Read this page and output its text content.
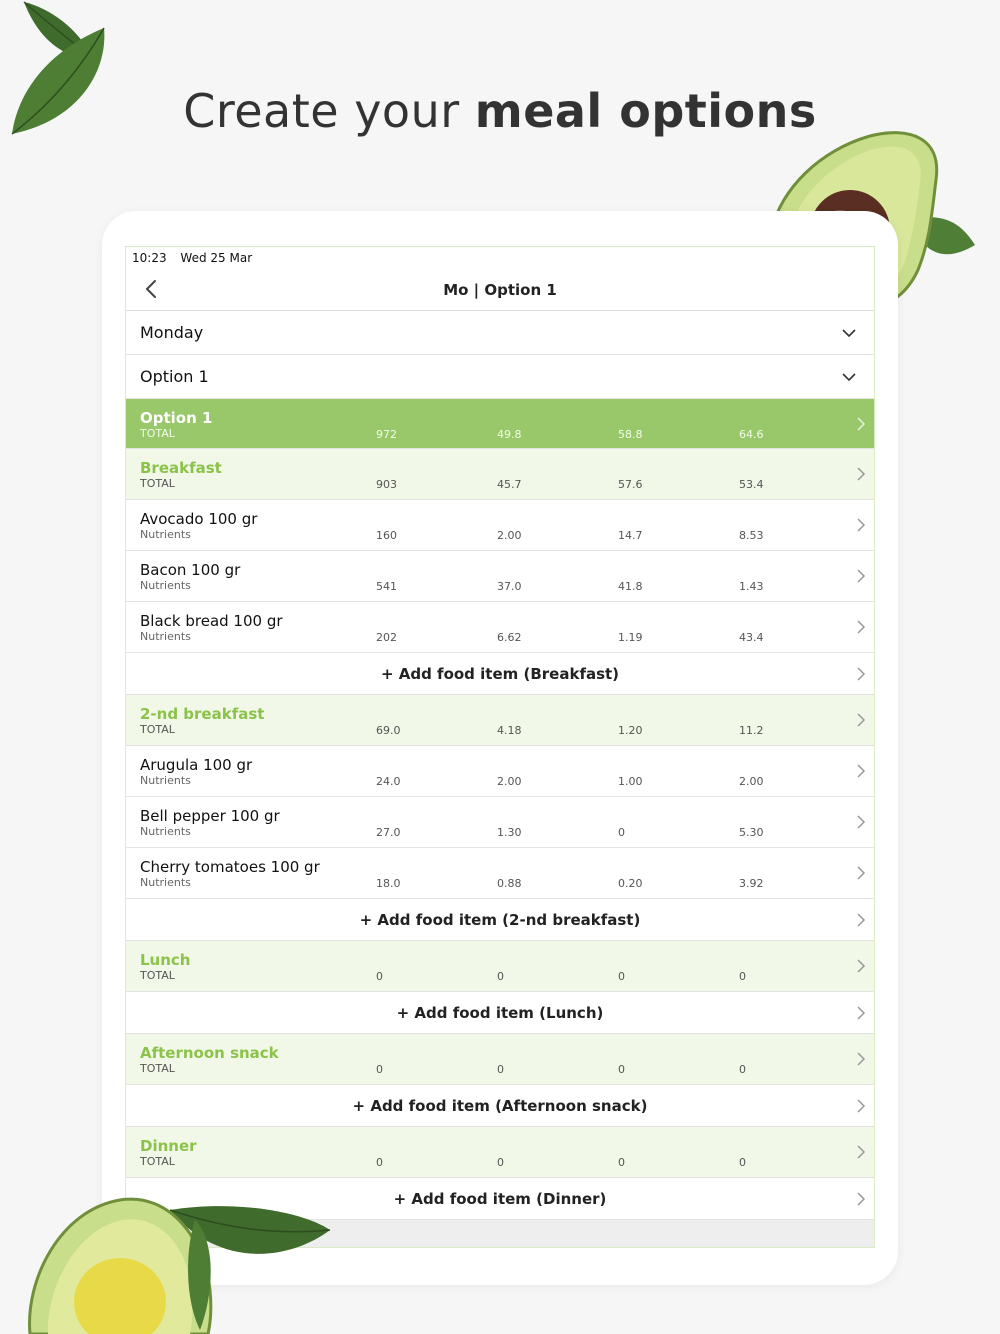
Create your meal options
10:23 Wed 25 Mar
Mo | Option 1
Monday
Option 1
Option 1
TOTAL	972	49.8	58.8	64.6
Breakfast
TOTAL	903	45.7	57.6	53.4
Avocado 100 gr
Nutrients	160	2.00	14.7	8.53
Bacon 100 gr
Nutrients	541	37.0	41.8	1.43
Black bread 100 gr
Nutrients	202	6.62	1.19	43.4
+ Add food item (Breakfast)
2-nd breakfast
TOTAL	69.0	4.18	1.20	11.2
Arugula 100 gr
Nutrients	24.0	2.00	1.00	2.00
Bell pepper 100 gr
Nutrients	27.0	1.30	0	5.30
Cherry tomatoes 100 gr
Nutrients	18.0	0.88	0.20	3.92
+ Add food item (2-nd breakfast)
Lunch
TOTAL	0	0	0	0
+ Add food item (Lunch)
Afternoon snack
TOTAL	0	0	0	0
+ Add food item (Afternoon snack)
Dinner
TOTAL	0	0	0	0
+ Add food item (Dinner)
